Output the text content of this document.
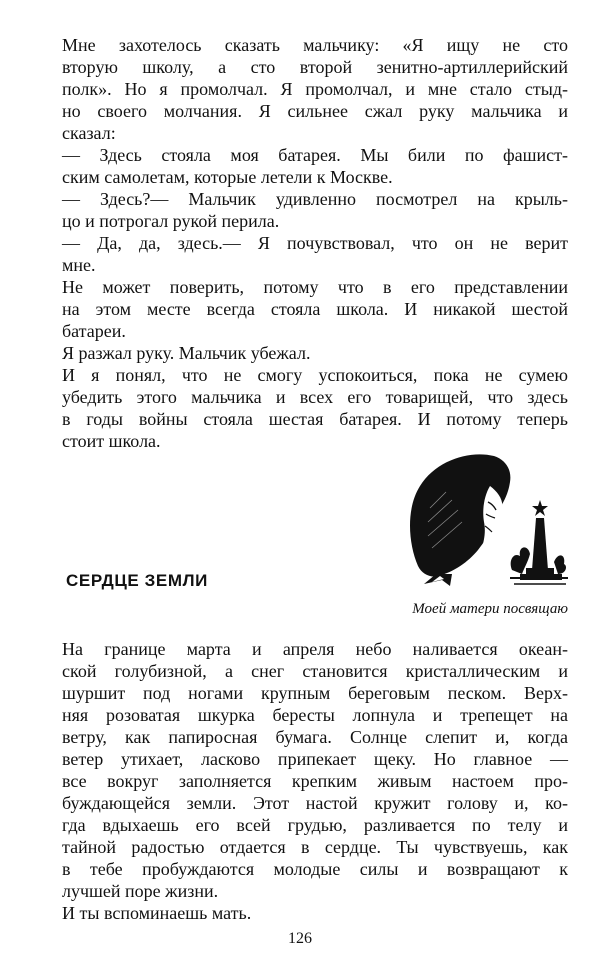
Мне захотелось сказать мальчику: «Я ищу не сто
вторую школу, а сто второй зенитно-артиллерийский
полк». Но я промолчал. Я промолчал, и мне стало стыд-
но своего молчания. Я сильнее сжал руку мальчика и
сказал:
— Здесь стояла моя батарея. Мы били по фашист-
ским самолетам, которые летели к Москве.
— Здесь?— Мальчик удивленно посмотрел на крыль-
цо и потрогал рукой перила.
— Да, да, здесь.— Я почувствовал, что он не верит
мне.
Не может поверить, потому что в его представлении
на этом месте всегда стояла школа. И никакой шестой
батареи.
Я разжал руку. Мальчик убежал.
И я понял, что не смогу успокоиться, пока не сумею
убедить этого мальчика и всех его товарищей, что здесь
в годы войны стояла шестая батарея. И потому теперь
стоит школа.
СЕРДЦЕ ЗЕМЛИ
Моей матери посвящаю
На границе марта и апреля небо наливается океан-
ской голубизной, а снег становится кристаллическим и
шуршит под ногами крупным береговым песком. Верх-
няя розоватая шкурка бересты лопнула и трепещет на
ветру, как папиросная бумага. Солнце слепит и, когда
ветер утихает, ласково припекает щеку. Но главное —
все вокруг заполняется крепким живым настоем про-
буждающейся земли. Этот настой кружит голову и, ко-
гда вдыхаешь его всей грудью, разливается по телу и
тайной радостью отдается в сердце. Ты чувствуешь, как
в тебе пробуждаются молодые силы и возвращают к
лучшей поре жизни.
И ты вспоминаешь мать.
126
